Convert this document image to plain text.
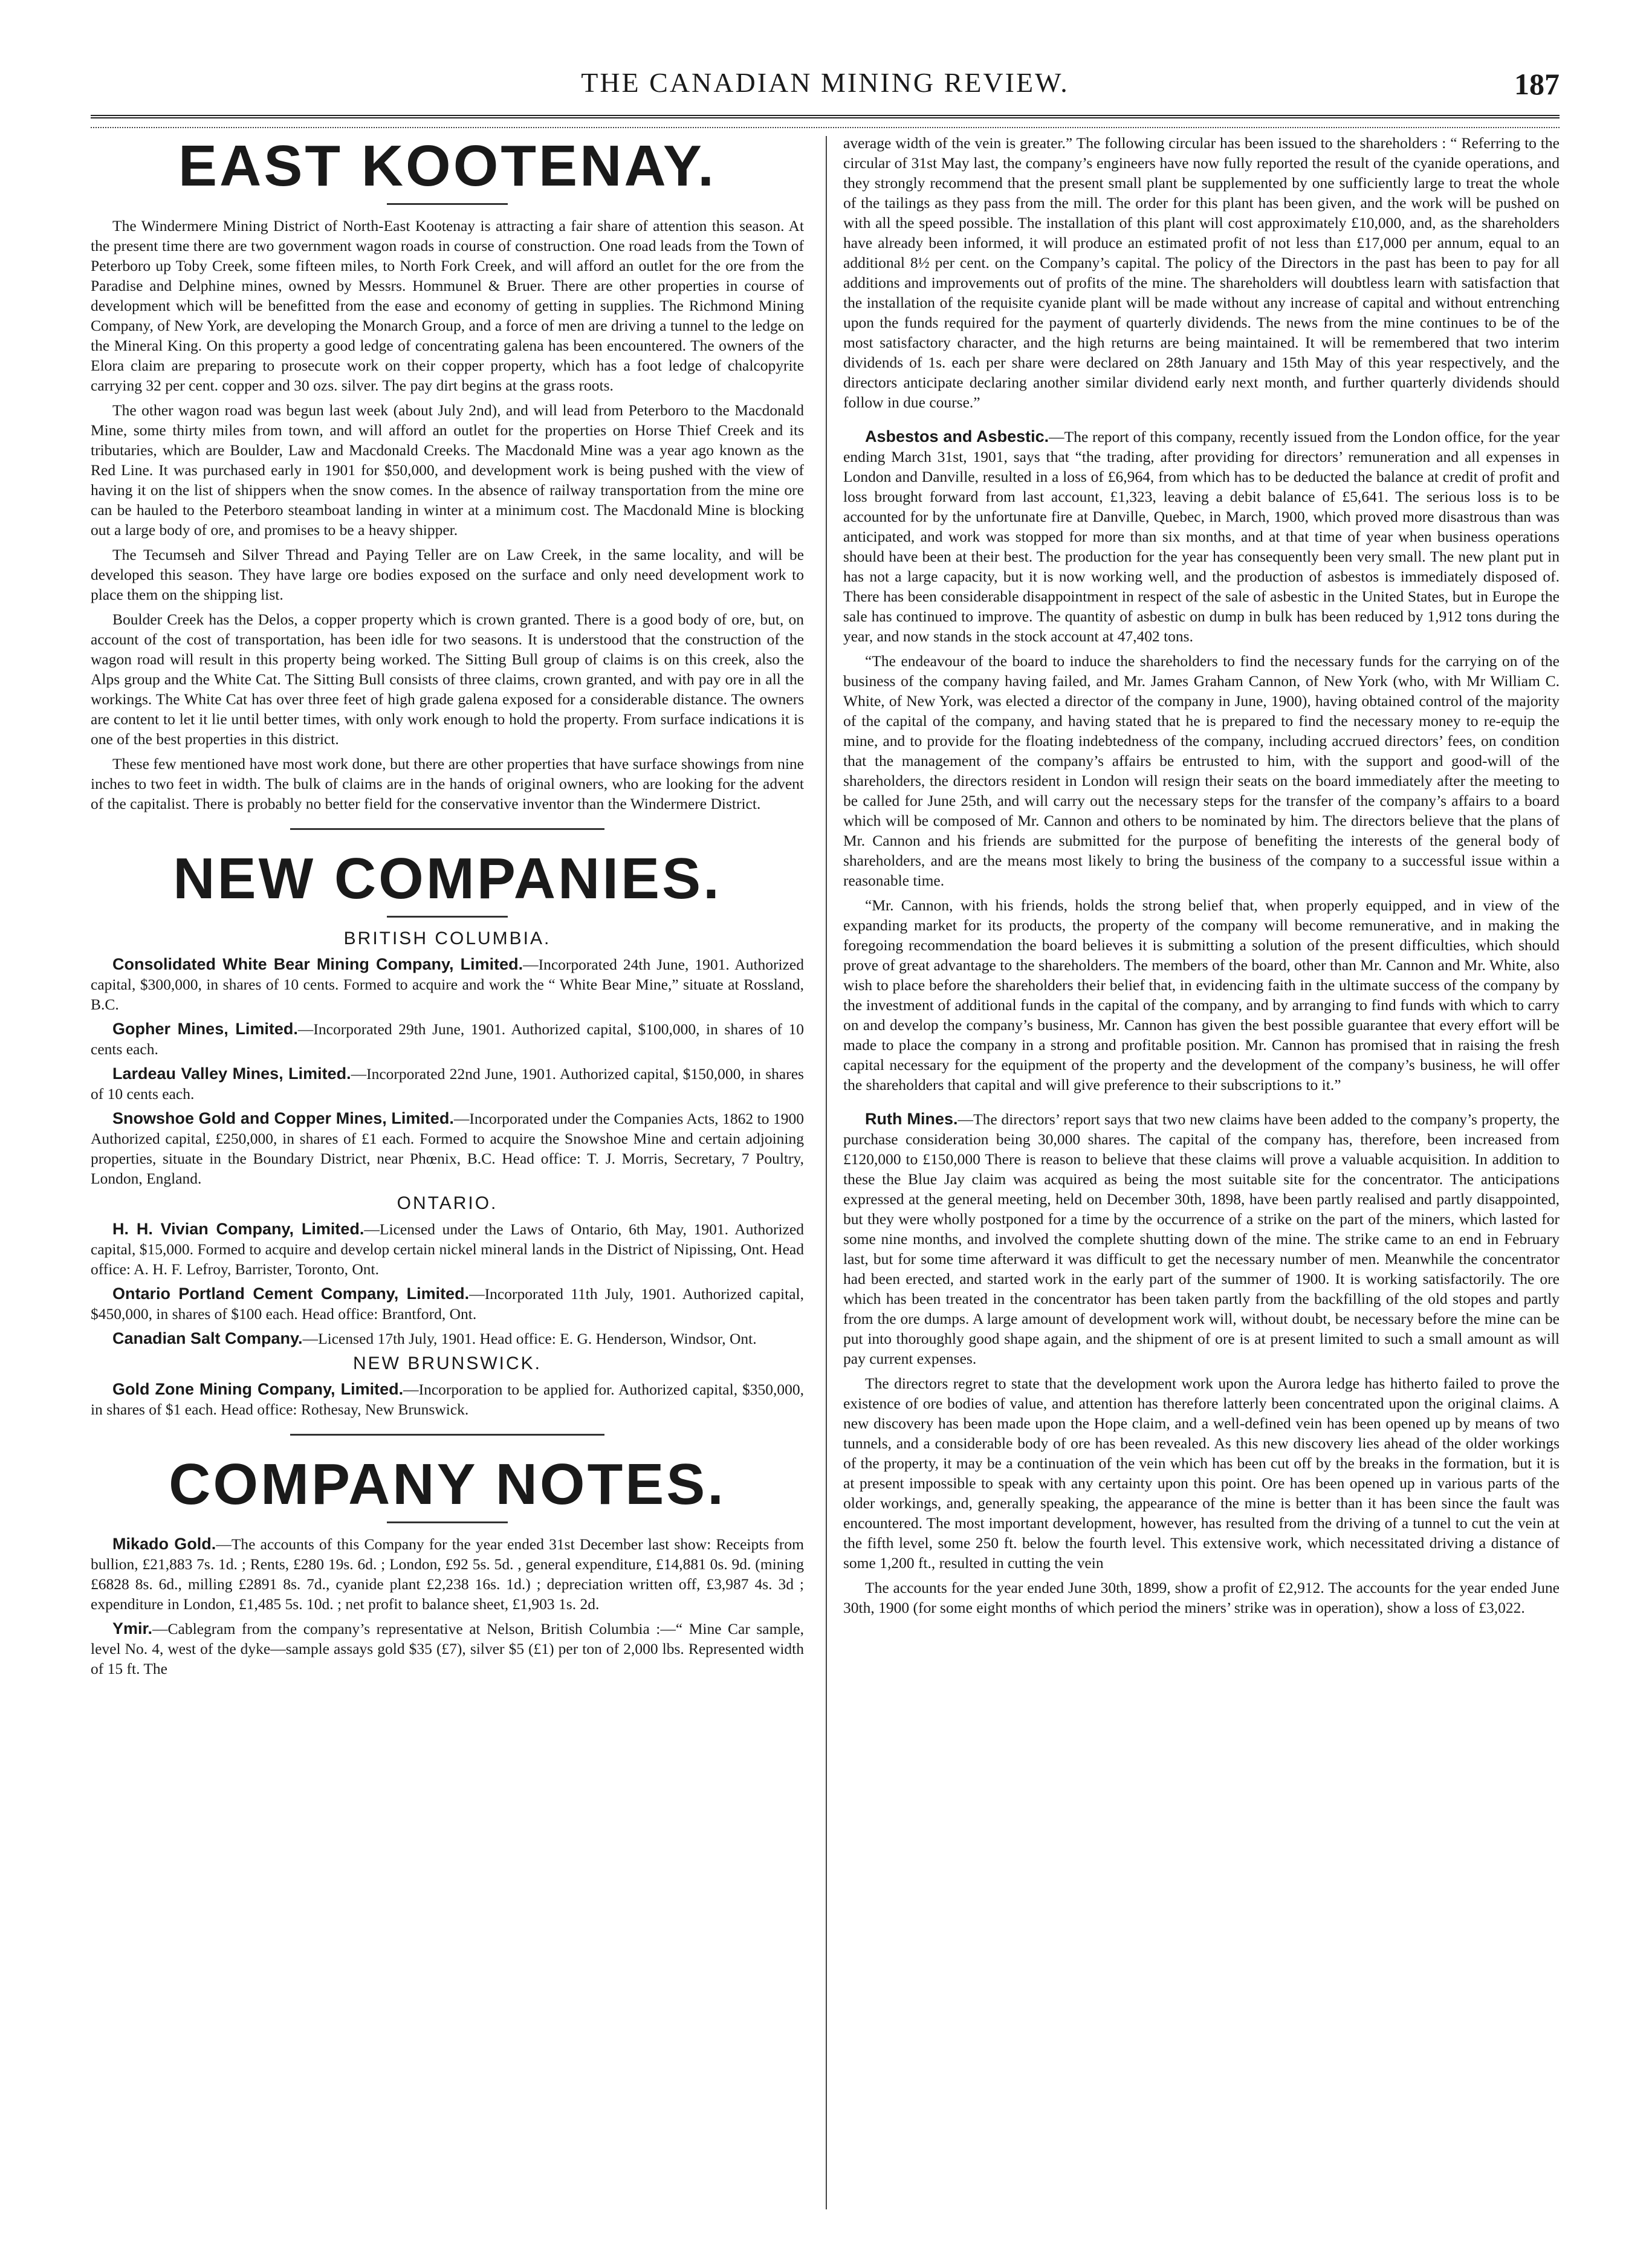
THE CANADIAN MINING REVIEW.	187
EAST KOOTENAY.

The Windermere Mining District of North-East Kootenay is attracting a fair share of attention this season. At the present time there are two government wagon roads in course of construction. One road leads from the Town of Peterboro up Toby Creek, some fifteen miles, to North Fork Creek, and will afford an outlet for the ore from the Paradise and Delphine mines, owned by Messrs. Hommunel & Bruer. There are other properties in course of development which will be benefitted from the ease and economy of getting in supplies. The Richmond Mining Company, of New York, are developing the Monarch Group, and a force of men are driving a tunnel to the ledge on the Mineral King. On this property a good ledge of concentrating galena has been encountered. The owners of the Elora claim are preparing to prosecute work on their copper property, which has a foot ledge of chalcopyrite carrying 32 per cent. copper and 30 ozs. silver. The pay dirt begins at the grass roots.

The other wagon road was begun last week (about July 2nd), and will lead from Peterboro to the Macdonald Mine, some thirty miles from town, and will afford an outlet for the properties on Horse Thief Creek and its tributaries, which are Boulder, Law and Macdonald Creeks. The Macdonald Mine was a year ago known as the Red Line. It was purchased early in 1901 for $50,000, and development work is being pushed with the view of having it on the list of shippers when the snow comes. In the absence of railway transportation from the mine ore can be hauled to the Peterboro steamboat landing in winter at a minimum cost. The Macdonald Mine is blocking out a large body of ore, and promises to be a heavy shipper.

The Tecumseh and Silver Thread and Paying Teller are on Law Creek, in the same locality, and will be developed this season. They have large ore bodies exposed on the surface and only need development work to place them on the shipping list.

Boulder Creek has the Delos, a copper property which is crown granted. There is a good body of ore, but, on account of the cost of transportation, has been idle for two seasons. It is understood that the construction of the wagon road will result in this property being worked. The Sitting Bull group of claims is on this creek, also the Alps group and the White Cat. The Sitting Bull consists of three claims, crown granted, and with pay ore in all the workings. The White Cat has over three feet of high grade galena exposed for a considerable distance. The owners are content to let it lie until better times, with only work enough to hold the property. From surface indications it is one of the best properties in this district.

These few mentioned have most work done, but there are other properties that have surface showings from nine inches to two feet in width. The bulk of claims are in the hands of original owners, who are looking for the advent of the capitalist. There is probably no better field for the conservative inventor than the Windermere District.

NEW COMPANIES.
BRITISH COLUMBIA.

Consolidated White Bear Mining Company, Limited.—Incorporated 24th June, 1901. Authorized capital, $300,000, in shares of 10 cents. Formed to acquire and work the “ White Bear Mine,” situate at Rossland, B.C.

Gopher Mines, Limited.—Incorporated 29th June, 1901. Authorized capital, $100,000, in shares of 10 cents each.

Lardeau Valley Mines, Limited.—Incorporated 22nd June, 1901. Authorized capital, $150,000, in shares of 10 cents each.

Snowshoe Gold and Copper Mines, Limited.—Incorporated under the Companies Acts, 1862 to 1900 Authorized capital, £250,000, in shares of £1 each. Formed to acquire the Snowshoe Mine and certain adjoining properties, situate in the Boundary District, near Phœnix, B.C. Head office: T. J. Morris, Secretary, 7 Poultry, London, England.

ONTARIO.

H. H. Vivian Company, Limited.—Licensed under the Laws of Ontario, 6th May, 1901. Authorized capital, $15,000. Formed to acquire and develop certain nickel mineral lands in the District of Nipissing, Ont. Head office: A. H. F. Lefroy, Barrister, Toronto, Ont.

Ontario Portland Cement Company, Limited.—Incorporated 11th July, 1901. Authorized capital, $450,000, in shares of $100 each. Head office: Brantford, Ont.

Canadian Salt Company.—Licensed 17th July, 1901. Head office: E. G. Henderson, Windsor, Ont.

NEW BRUNSWICK.

Gold Zone Mining Company, Limited.—Incorporation to be applied for. Authorized capital, $350,000, in shares of $1 each. Head office: Rothesay, New Brunswick.

COMPANY NOTES.

Mikado Gold.—The accounts of this Company for the year ended 31st December last show: Receipts from bullion, £21,883 7s. 1d. ; Rents, £280 19s. 6d. ; London, £92 5s. 5d. , general expenditure, £14,881 0s. 9d. (mining £6828 8s. 6d., milling £2891 8s. 7d., cyanide plant £2,238 16s. 1d.) ; depreciation written off, £3,987 4s. 3d ; expenditure in London, £1,485 5s. 10d. ; net profit to balance sheet, £1,903 1s. 2d.

Ymir.—Cablegram from the company’s representative at Nelson, British Columbia :—“ Mine Car sample, level No. 4, west of the dyke—sample assays gold $35 (£7), silver $5 (£1) per ton of 2,000 lbs. Represented width of 15 ft. The

average width of the vein is greater.” The following circular has been issued to the shareholders : “ Referring to the circular of 31st May last, the company’s engineers have now fully reported the result of the cyanide operations, and they strongly recommend that the present small plant be supplemented by one sufficiently large to treat the whole of the tailings as they pass from the mill. The order for this plant has been given, and the work will be pushed on with all the speed possible. The installation of this plant will cost approximately £10,000, and, as the shareholders have already been informed, it will produce an estimated profit of not less than £17,000 per annum, equal to an additional 8½ per cent. on the Company’s capital. The policy of the Directors in the past has been to pay for all additions and improvements out of profits of the mine. The shareholders will doubtless learn with satisfaction that the installation of the requisite cyanide plant will be made without any increase of capital and without entrenching upon the funds required for the payment of quarterly dividends. The news from the mine continues to be of the most satisfactory character, and the high returns are being maintained. It will be remembered that two interim dividends of 1s. each per share were declared on 28th January and 15th May of this year respectively, and the directors anticipate declaring another similar dividend early next month, and further quarterly dividends should follow in due course.”

Asbestos and Asbestic.—The report of this company, recently issued from the London office, for the year ending March 31st, 1901, says that “the trading, after providing for directors’ remuneration and all expenses in London and Danville, resulted in a loss of £6,964, from which has to be deducted the balance at credit of profit and loss brought forward from last account, £1,323, leaving a debit balance of £5,641. The serious loss is to be accounted for by the unfortunate fire at Danville, Quebec, in March, 1900, which proved more disastrous than was anticipated, and work was stopped for more than six months, and at that time of year when business operations should have been at their best. The production for the year has consequently been very small. The new plant put in has not a large capacity, but it is now working well, and the production of asbestos is immediately disposed of. There has been considerable disappointment in respect of the sale of asbestic in the United States, but in Europe the sale has continued to improve. The quantity of asbestic on dump in bulk has been reduced by 1,912 tons during the year, and now stands in the stock account at 47,402 tons.

“The endeavour of the board to induce the shareholders to find the necessary funds for the carrying on of the business of the company having failed, and Mr. James Graham Cannon, of New York (who, with Mr William C. White, of New York, was elected a director of the company in June, 1900), having obtained control of the majority of the capital of the company, and having stated that he is prepared to find the necessary money to re-equip the mine, and to provide for the floating indebtedness of the company, including accrued directors’ fees, on condition that the management of the company’s affairs be entrusted to him, with the support and good-will of the shareholders, the directors resident in London will resign their seats on the board immediately after the meeting to be called for June 25th, and will carry out the necessary steps for the transfer of the company’s affairs to a board which will be composed of Mr. Cannon and others to be nominated by him. The directors believe that the plans of Mr. Cannon and his friends are submitted for the purpose of benefiting the interests of the general body of shareholders, and are the means most likely to bring the business of the company to a successful issue within a reasonable time.

“Mr. Cannon, with his friends, holds the strong belief that, when properly equipped, and in view of the expanding market for its products, the property of the company will become remunerative, and in making the foregoing recommendation the board believes it is submitting a solution of the present difficulties, which should prove of great advantage to the shareholders. The members of the board, other than Mr. Cannon and Mr. White, also wish to place before the shareholders their belief that, in evidencing faith in the ultimate success of the company by the investment of additional funds in the capital of the company, and by arranging to find funds with which to carry on and develop the company’s business, Mr. Cannon has given the best possible guarantee that every effort will be made to place the company in a strong and profitable position. Mr. Cannon has promised that in raising the fresh capital necessary for the equipment of the property and the development of the company’s business, he will offer the shareholders that capital and will give preference to their subscriptions to it.”

Ruth Mines.—The directors’ report says that two new claims have been added to the company’s property, the purchase consideration being 30,000 shares. The capital of the company has, therefore, been increased from £120,000 to £150,000 There is reason to believe that these claims will prove a valuable acquisition. In addition to these the Blue Jay claim was acquired as being the most suitable site for the concentrator. The anticipations expressed at the general meeting, held on December 30th, 1898, have been partly realised and partly disappointed, but they were wholly postponed for a time by the occurrence of a strike on the part of the miners, which lasted for some nine months, and involved the complete shutting down of the mine. The strike came to an end in February last, but for some time afterward it was difficult to get the necessary number of men. Meanwhile the concentrator had been erected, and started work in the early part of the summer of 1900. It is working satisfactorily. The ore which has been treated in the concentrator has been taken partly from the backfilling of the old stopes and partly from the ore dumps. A large amount of development work will, without doubt, be necessary before the mine can be put into thoroughly good shape again, and the shipment of ore is at present limited to such a small amount as will pay current expenses.

The directors regret to state that the development work upon the Aurora ledge has hitherto failed to prove the existence of ore bodies of value, and attention has therefore latterly been concentrated upon the original claims. A new discovery has been made upon the Hope claim, and a well-defined vein has been opened up by means of two tunnels, and a considerable body of ore has been revealed. As this new discovery lies ahead of the older workings of the property, it may be a continuation of the vein which has been cut off by the breaks in the formation, but it is at present impossible to speak with any certainty upon this point. Ore has been opened up in various parts of the older workings, and, generally speaking, the appearance of the mine is better than it has been since the fault was encountered. The most important development, however, has resulted from the driving of a tunnel to cut the vein at the fifth level, some 250 ft. below the fourth level. This extensive work, which necessitated driving a distance of some 1,200 ft., resulted in cutting the vein

The accounts for the year ended June 30th, 1899, show a profit of £2,912. The accounts for the year ended June 30th, 1900 (for some eight months of which period the miners’ strike was in operation), show a loss of £3,022.
